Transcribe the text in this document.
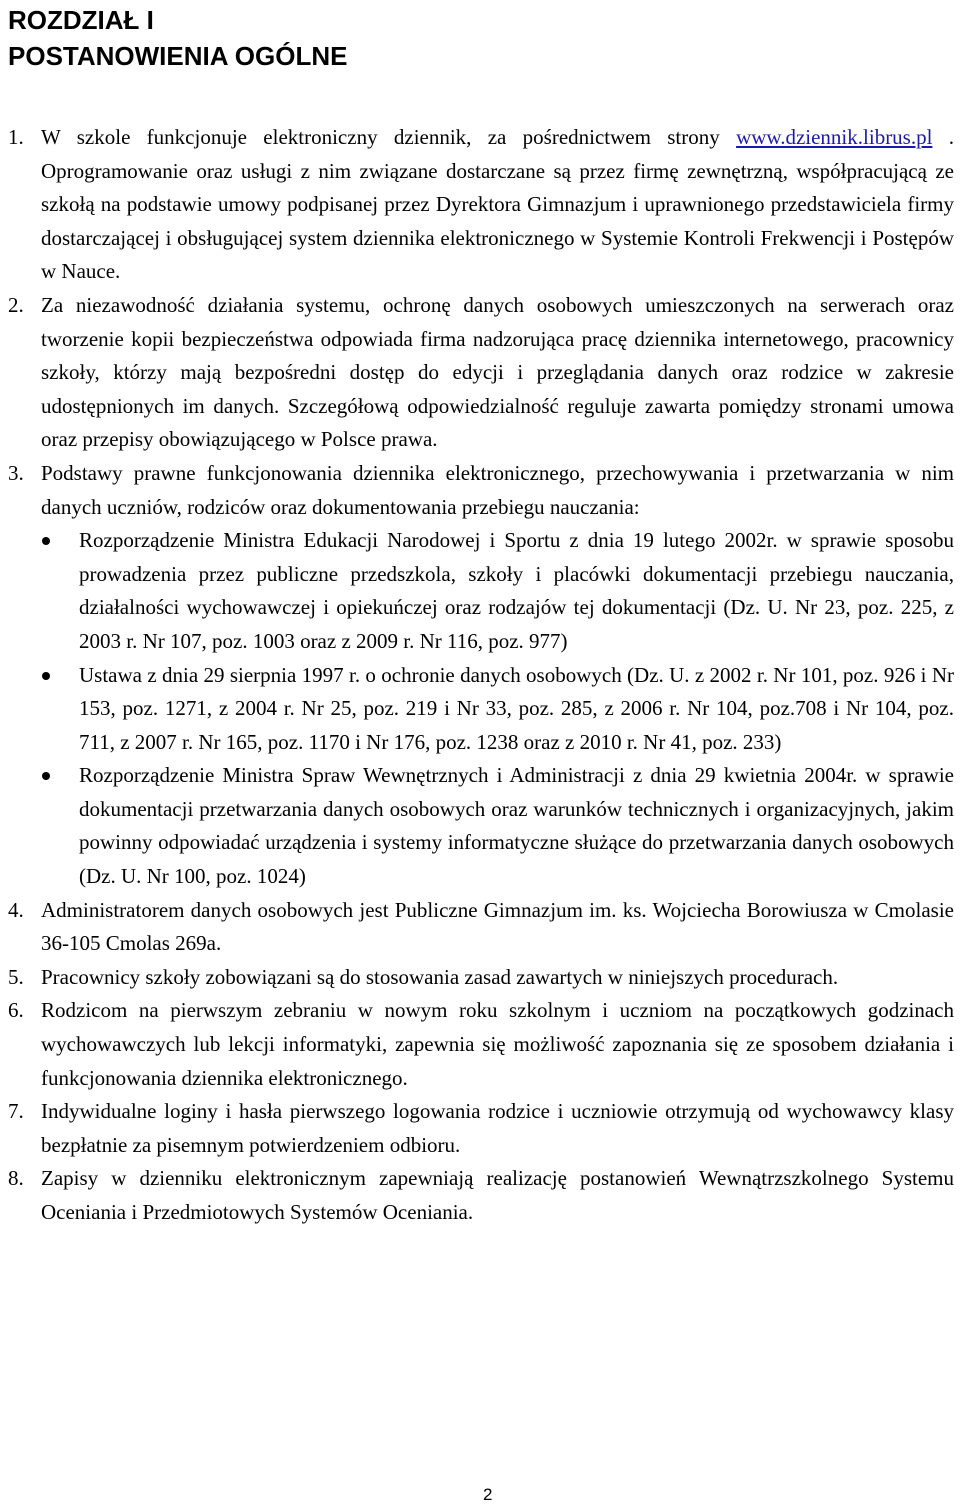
ROZDZIAŁ I
POSTANOWIENIA OGÓLNE
1. W szkole funkcjonuje elektroniczny dziennik, za pośrednictwem strony www.dziennik.librus.pl . Oprogramowanie oraz usługi z nim związane dostarczane są przez firmę zewnętrzną, współpracującą ze szkołą na podstawie umowy podpisanej przez Dyrektora Gimnazjum i uprawnionego przedstawiciela firmy dostarczającej i obsługującej system dziennika elektronicznego w Systemie Kontroli Frekwencji i Postępów w Nauce.
2. Za niezawodność działania systemu, ochronę danych osobowych umieszczonych na serwerach oraz tworzenie kopii bezpieczeństwa odpowiada firma nadzorująca pracę dziennika internetowego, pracownicy szkoły, którzy mają bezpośredni dostęp do edycji i przeglądania danych oraz rodzice w zakresie udostępnionych im danych. Szczegółową odpowiedzialność reguluje zawarta pomiędzy stronami umowa oraz przepisy obowiązującego w Polsce prawa.
3. Podstawy prawne funkcjonowania dziennika elektronicznego, przechowywania i przetwarzania w nim danych uczniów, rodziców oraz dokumentowania przebiegu nauczania:
Rozporządzenie Ministra Edukacji Narodowej i Sportu z dnia 19 lutego 2002r. w sprawie sposobu prowadzenia przez publiczne przedszkola, szkoły i placówki dokumentacji przebiegu nauczania, działalności wychowawczej i opiekuńczej oraz rodzajów tej dokumentacji (Dz. U. Nr 23, poz. 225, z 2003 r. Nr 107, poz. 1003 oraz z 2009 r. Nr 116, poz. 977)
Ustawa z dnia 29 sierpnia 1997 r. o ochronie danych osobowych (Dz. U. z 2002 r. Nr 101, poz. 926 i Nr 153, poz. 1271, z 2004 r. Nr 25, poz. 219 i Nr 33, poz. 285, z 2006 r. Nr 104, poz.708 i Nr 104, poz. 711, z 2007 r. Nr 165, poz. 1170 i Nr 176, poz. 1238 oraz z 2010 r. Nr 41, poz. 233)
Rozporządzenie Ministra Spraw Wewnętrznych i Administracji z dnia 29 kwietnia 2004r. w sprawie dokumentacji przetwarzania danych osobowych oraz warunków technicznych i organizacyjnych, jakim powinny odpowiadać urządzenia i systemy informatyczne służące do przetwarzania danych osobowych (Dz. U. Nr 100, poz. 1024)
4. Administratorem danych osobowych jest Publiczne Gimnazjum im. ks. Wojciecha Borowiusza w Cmolasie 36-105 Cmolas 269a.
5. Pracownicy szkoły zobowiązani są do stosowania zasad zawartych w niniejszych procedurach.
6. Rodzicom na pierwszym zebraniu w nowym roku szkolnym i uczniom na początkowych godzinach wychowawczych lub lekcji informatyki, zapewnia się możliwość zapoznania się ze sposobem działania i funkcjonowania dziennika elektronicznego.
7. Indywidualne loginy i hasła pierwszego logowania rodzice i uczniowie otrzymują od wychowawcy klasy bezpłatnie za pisemnym potwierdzeniem odbioru.
8. Zapisy w dzienniku elektronicznym zapewniają realizację postanowień Wewnątrzszkolnego Systemu Oceniania i Przedmiotowych Systemów Oceniania.
2
